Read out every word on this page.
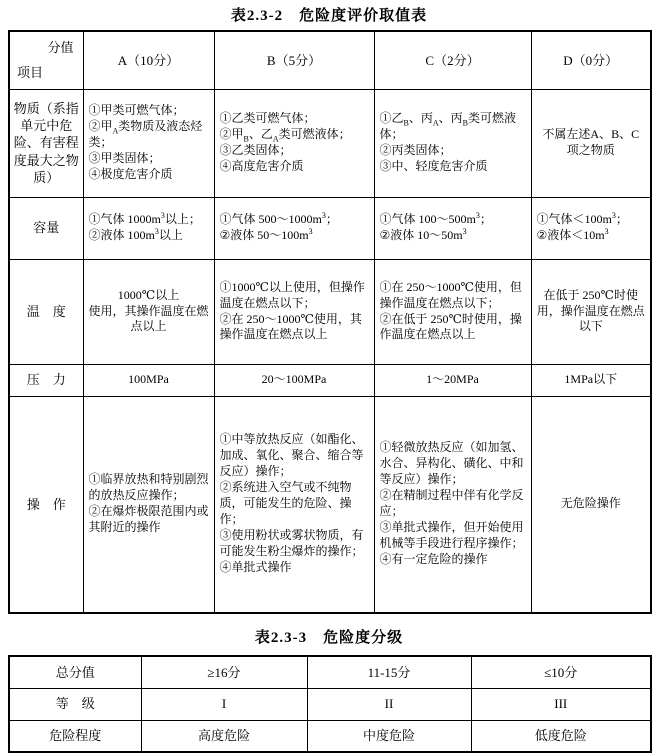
表2.3-2　危险度评价取值表
分值
项目	A（10分）	B（5分）	C（2分）	D（0分）
物质（系指单元中危险、有害程度最大之物质）	①甲类可燃气体；
②甲$_A$类物质及液态烃类；
③甲类固体；
④极度危害介质	①乙类可燃气体；
②甲$_B$、乙$_A$类可燃液体；
③乙类固体；
④高度危害介质	①乙$_B$、丙$_A$、丙$_B$类可燃液体；
②丙类固体；
③中、轻度危害介质	不属左述A、B、C项之物质
容量	①气体 $1000m^3$以上；
②液体 $100m^3$以上	①气体 $500\sim 1000m^3$；
②液体 $50\sim 100m^3$	①气体 $100\sim 500m^3$；
②液体 $10\sim 50m^3$	①气体$<100m^3$；
②液体$<10m^3$
温　度	1000℃以上
使用，其操作温度在燃点以上	①1000℃以上使用，但操作温度在燃点以下；
②在 250～1000℃使用，其操作温度在燃点以上	①在 250～1000℃使用，但操作温度在燃点以下；
②在低于 250℃时使用，操作温度在燃点以上	在低于 250℃时使用，操作温度在燃点以下
压　力	100MPa	20～100MPa	1～20MPa	1MPa以下
操　作	①临界放热和特别剧烈的放热反应操作；
②在爆炸极限范围内或其附近的操作	①中等放热反应（如酯化、加成、氧化、聚合、缩合等反应）操作；
②系统进入空气或不纯物质，可能发生的危险、操作；
③使用粉状或雾状物质，有可能发生粉尘爆炸的操作；
④单批式操作	①轻微放热反应（如加氢、水合、异构化、磺化、中和等反应）操作；
②在精制过程中伴有化学反应；
③单批式操作，但开始使用机械等手段进行程序操作；
④有一定危险的操作	无危险操作
表2.3-3　危险度分级
总分值	≥16分	11-15分	≤10分
等　级	I	II	III
危险程度	高度危险	中度危险	低度危险
